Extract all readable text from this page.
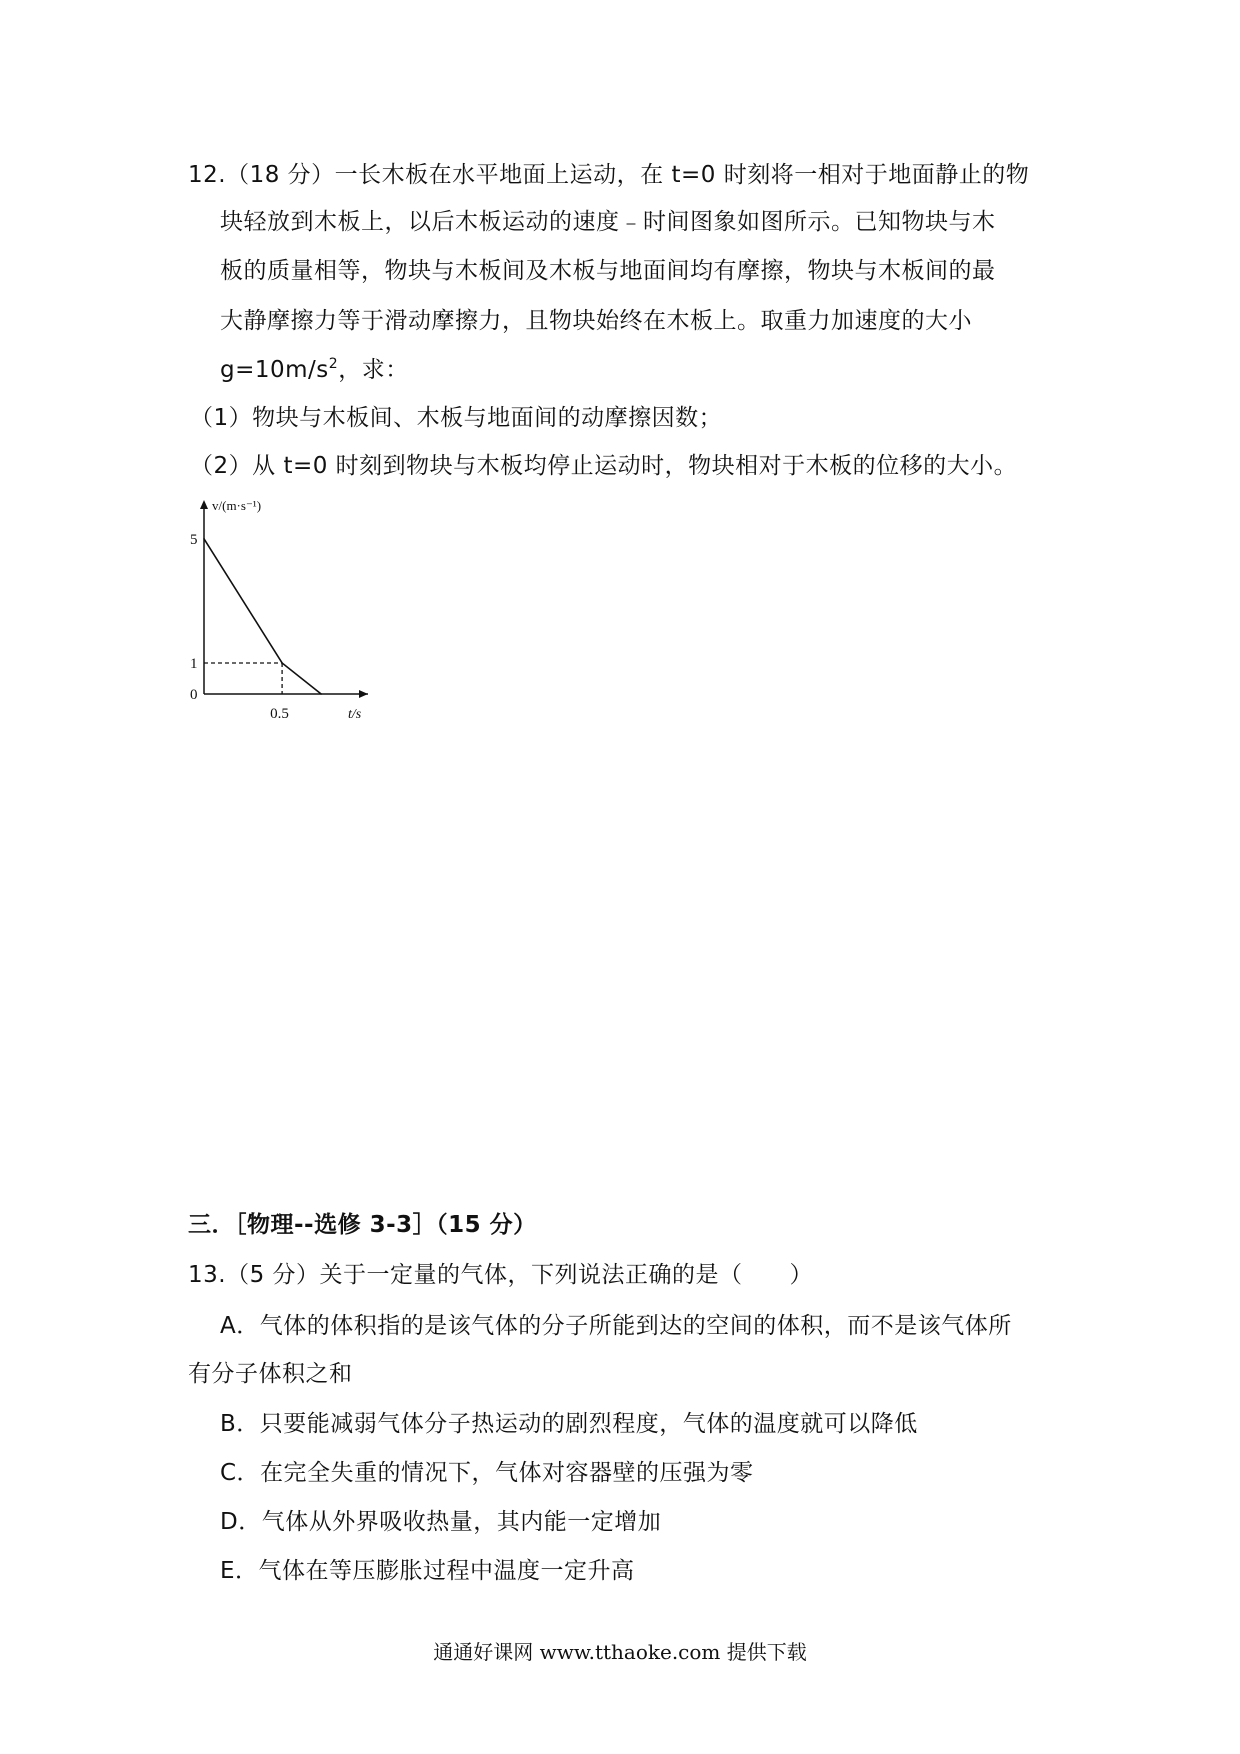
12.（18 分）一长木板在水平地面上运动，在 t=0 时刻将一相对于地面静止的物
块轻放到木板上，以后木板运动的速度﹣时间图象如图所示。已知物块与木
板的质量相等，物块与木板间及木板与地面间均有摩擦，物块与木板间的最
大静摩擦力等于滑动摩擦力，且物块始终在木板上。取重力加速度的大小
$g=10m/s^2$，求：
（1）物块与木板间、木板与地面间的动摩擦因数；
（2）从 t=0 时刻到物块与木板均停止运动时，物块相对于木板的位移的大小。
v/(m·s⁻¹)
t/s
5
1
0
0.5
三．［物理--选修 3-3］（15 分）
13.（5 分）关于一定量的气体，下列说法正确的是（　　）
A．气体的体积指的是该气体的分子所能到达的空间的体积，而不是该气体所
有分子体积之和
B．只要能减弱气体分子热运动的剧烈程度，气体的温度就可以降低
C．在完全失重的情况下，气体对容器壁的压强为零
D．气体从外界吸收热量，其内能一定增加
E．气体在等压膨胀过程中温度一定升高
通通好课网 www.tthaoke.com 提供下载
